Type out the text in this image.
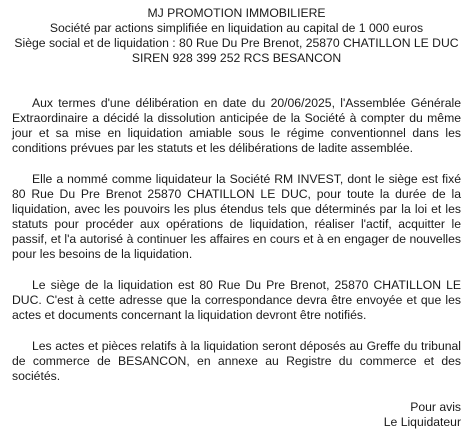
MJ PROMOTION IMMOBILIERE
Société par actions simplifiée en liquidation au capital de 1 000 euros
Siège social et de liquidation : 80 Rue Du Pre Brenot, 25870 CHATILLON LE DUC
SIREN 928 399 252 RCS BESANCON

Aux termes d'une délibération en date du 20/06/2025, l'Assemblée Générale Extraordinaire a décidé la dissolution anticipée de la Société à compter du même jour et sa mise en liquidation amiable sous le régime conventionnel dans les conditions prévues par les statuts et les délibérations de ladite assemblée.

Elle a nommé comme liquidateur la Société RM INVEST, dont le siège est fixé 80 Rue Du Pre Brenot 25870 CHATILLON LE DUC, pour toute la durée de la liquidation, avec les pouvoirs les plus étendus tels que déterminés par la loi et les statuts pour procéder aux opérations de liquidation, réaliser l'actif, acquitter le passif, et l'a autorisé à continuer les affaires en cours et à en engager de nouvelles pour les besoins de la liquidation.

Le siège de la liquidation est 80 Rue Du Pre Brenot, 25870 CHATILLON LE DUC. C'est à cette adresse que la correspondance devra être envoyée et que les actes et documents concernant la liquidation devront être notifiés.

Les actes et pièces relatifs à la liquidation seront déposés au Greffe du tribunal de commerce de BESANCON, en annexe au Registre du commerce et des sociétés.

Pour avis
Le Liquidateur
